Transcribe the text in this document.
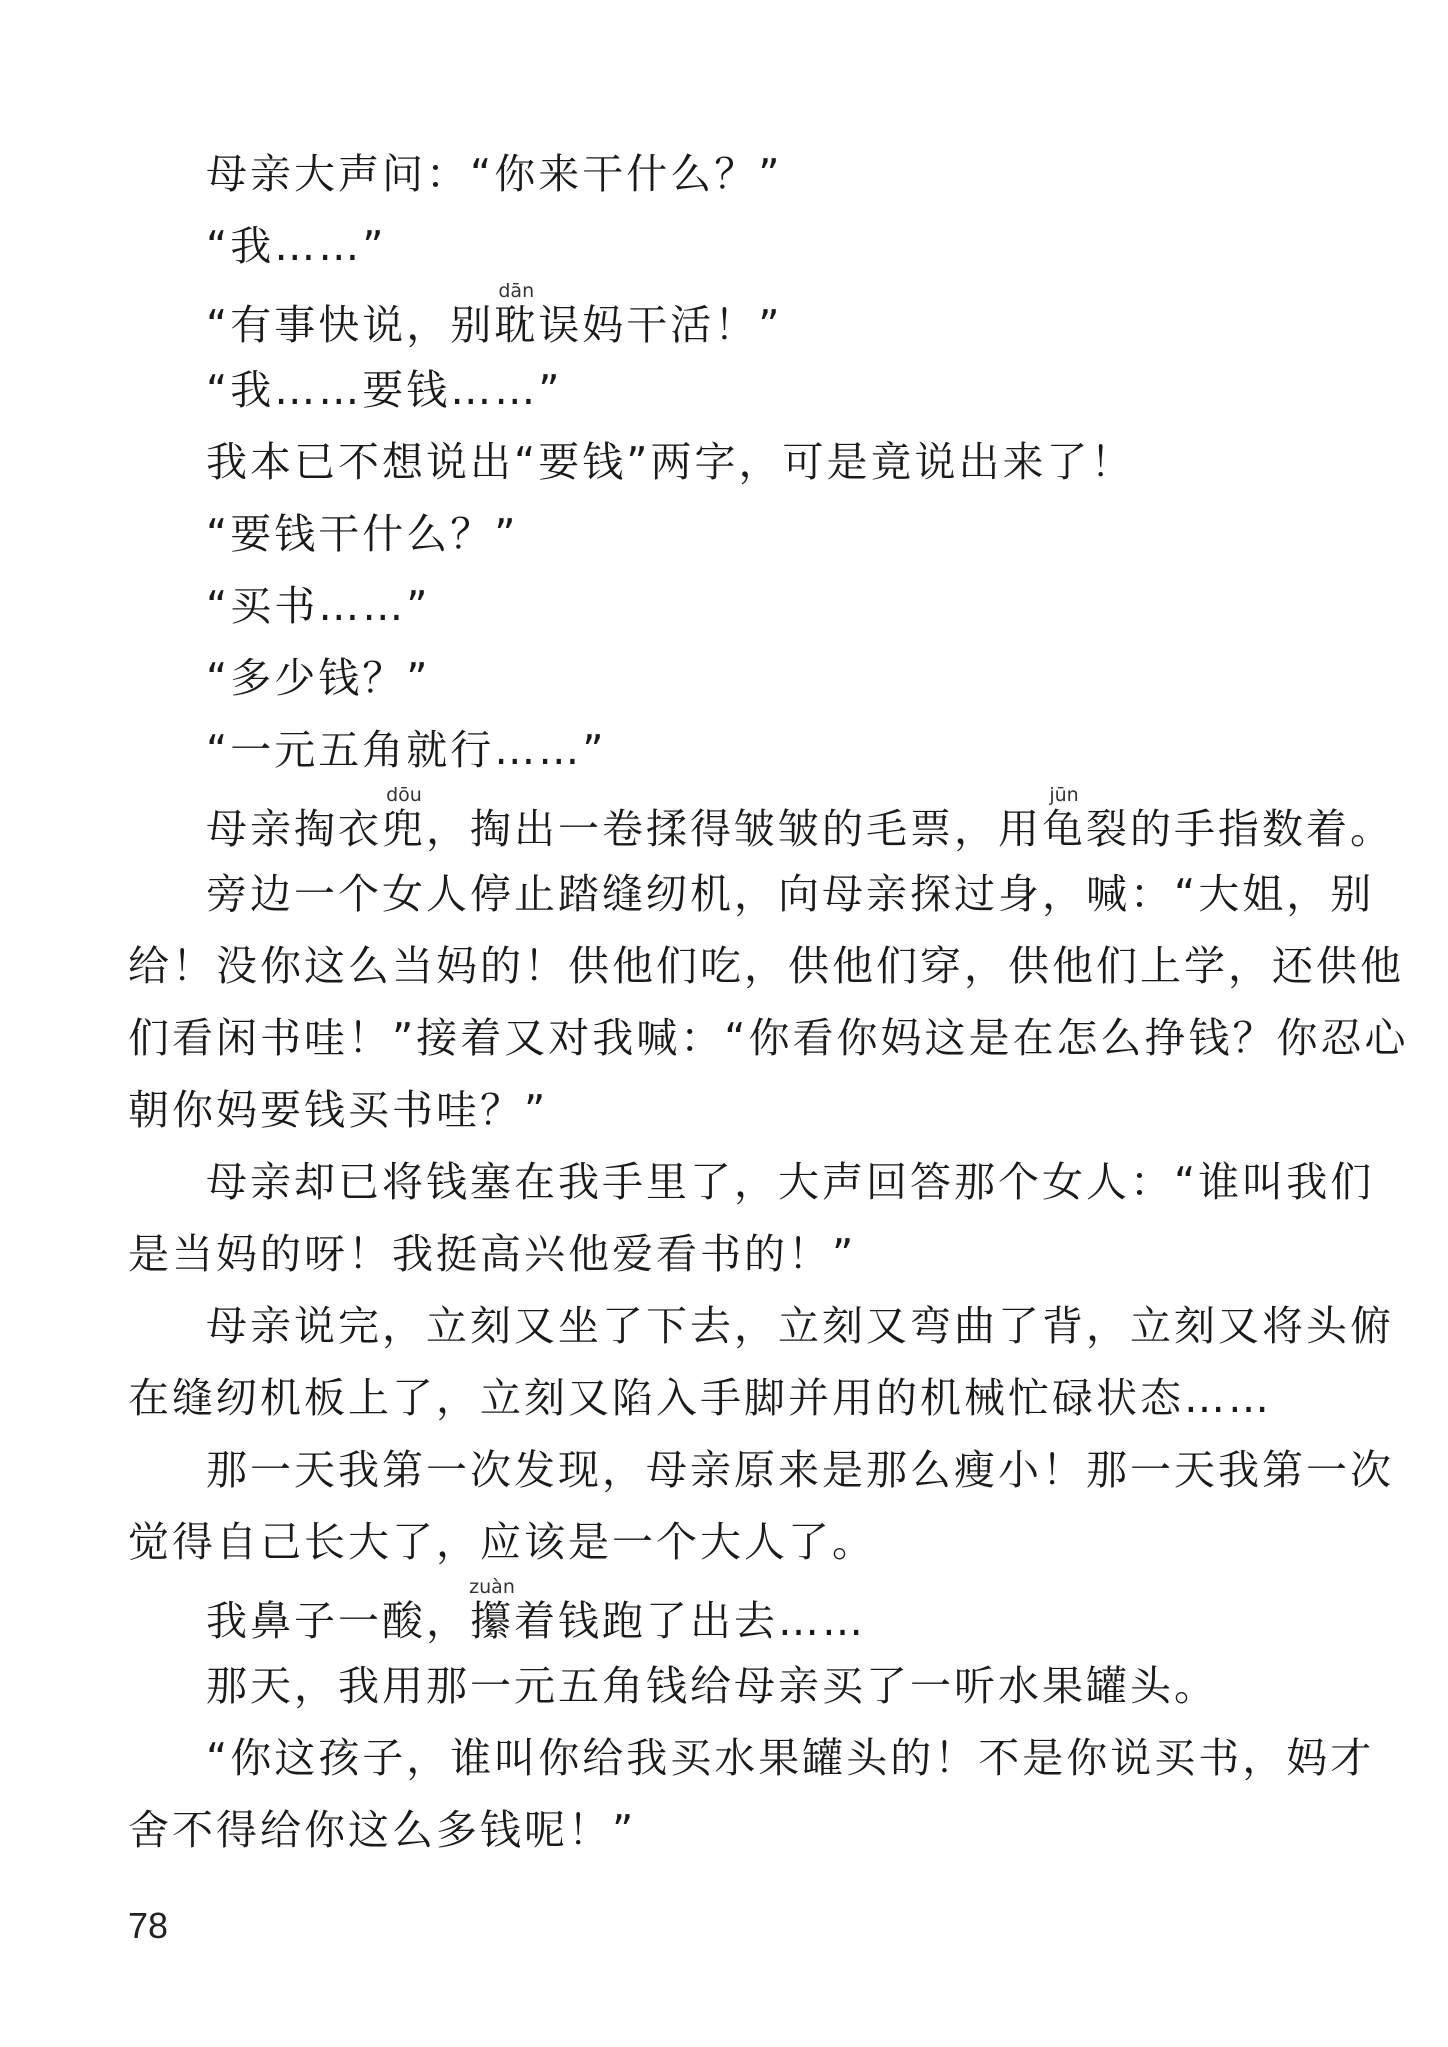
母亲大声问：“你来干什么？”
“我……”
“有事快说，别耽dān误妈干活！”
“我……要钱……”
我本已不想说出“要钱”两字，可是竟说出来了！
“要钱干什么？”
“买书……”
“多少钱？”
“一元五角就行……”
母亲掏衣兜dōu，掏出一卷揉得皱皱的毛票，用龟jūn裂的手指数着。
旁边一个女人停止踏缝纫机，向母亲探过身，喊：“大姐，别
给！没你这么当妈的！供他们吃，供他们穿，供他们上学，还供他
们看闲书哇！”接着又对我喊：“你看你妈这是在怎么挣钱？你忍心
朝你妈要钱买书哇？”
母亲却已将钱塞在我手里了，大声回答那个女人：“谁叫我们
是当妈的呀！我挺高兴他爱看书的！”
母亲说完，立刻又坐了下去，立刻又弯曲了背，立刻又将头俯
在缝纫机板上了，立刻又陷入手脚并用的机械忙碌状态……
那一天我第一次发现，母亲原来是那么瘦小！那一天我第一次
觉得自己长大了，应该是一个大人了。
我鼻子一酸，攥zuàn着钱跑了出去……
那天，我用那一元五角钱给母亲买了一听水果罐头。
“你这孩子，谁叫你给我买水果罐头的！不是你说买书，妈才
舍不得给你这么多钱呢！”
78
